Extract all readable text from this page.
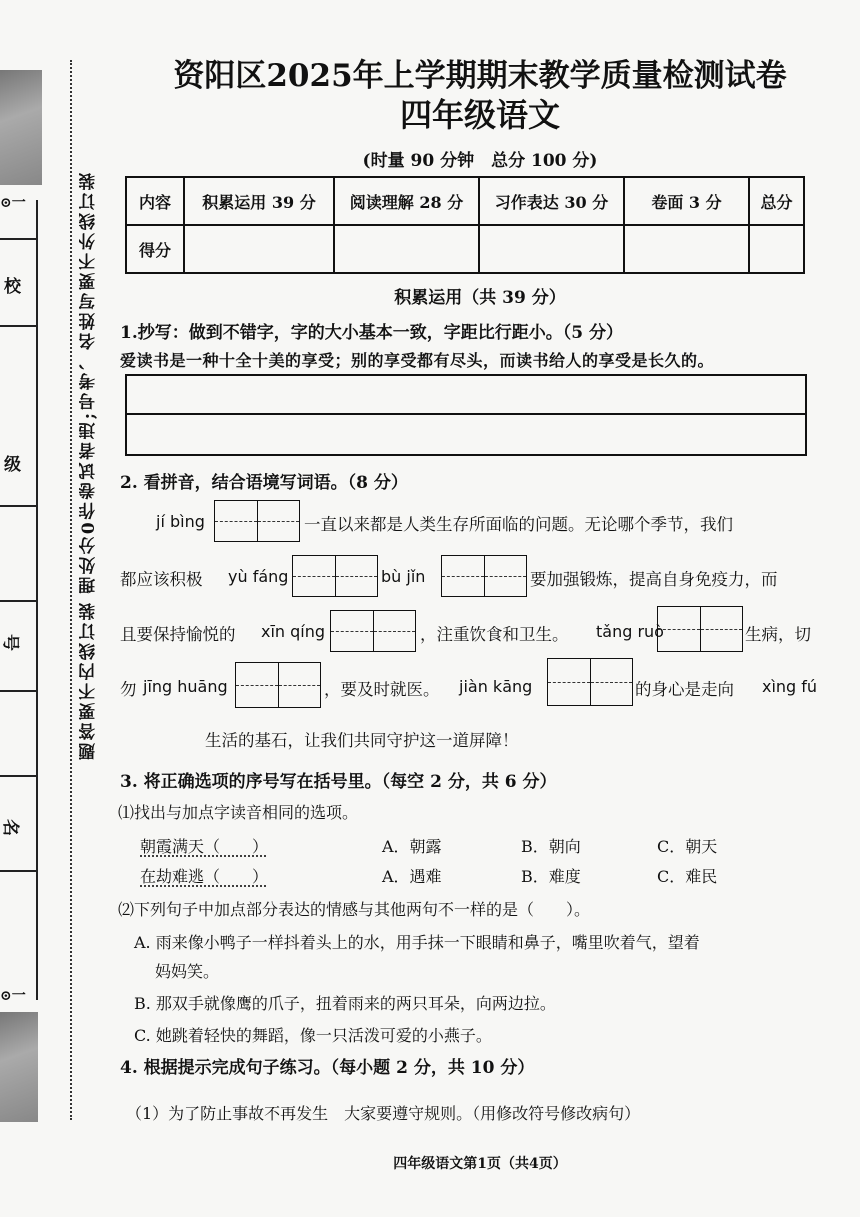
校
级
号
名
⊙一
⊙一
理处分0作卷试者违;号考、名姓写要不外线订装
题答要不内线订装
资阳区2025年上学期期末教学质量检测试卷
四年级语文
(时量 90 分钟　总分 100 分)
内容	积累运用 39 分	阅读理解 28 分	习作表达 30 分	卷面 3 分	总分
得分					
积累运用（共 39 分）
1.抄写：做到不错字，字的大小基本一致，字距比行距小。（5 分）
爱读书是一种十全十美的享受；别的享受都有尽头，而读书给人的享受是长久的。
2. 看拼音，结合语境写词语。（8 分）
jí bìng	一直以来都是人类生存所面临的问题。无论哪个季节，我们
都应该积极 yù fáng	bù jǐn	要加强锻炼，提高自身免疫力，而
且要保持愉悦的 xīn qíng	，注重饮食和卫生。 tǎng ruò	生病，切
勿 jīng huāng	，要及时就医。 jiàn kāng	的身心是走向 xìng fú
生活的基石，让我们共同守护这一道屏障！
3. 将正确选项的序号写在括号里。（每空 2 分，共 6 分）
⑴找出与加点字读音相同的选项。
朝霞满天（　　）	A．朝露	B．朝向	C．朝天
在劫难逃（　　）	A．遇难	B．难度	C．难民
⑵下列句子中加点部分表达的情感与其他两句不一样的是（　　）。
A. 雨来像小鸭子一样抖着头上的水，用手抹一下眼睛和鼻子，嘴里吹着气，望着
妈妈笑。
B. 那双手就像鹰的爪子，扭着雨来的两只耳朵，向两边拉。
C. 她跳着轻快的舞蹈，像一只活泼可爱的小燕子。
4. 根据提示完成句子练习。（每小题 2 分，共 10 分）
（1）为了防止事故不再发生　大家要遵守规则。（用修改符号修改病句）
四年级语文第1页（共4页）
